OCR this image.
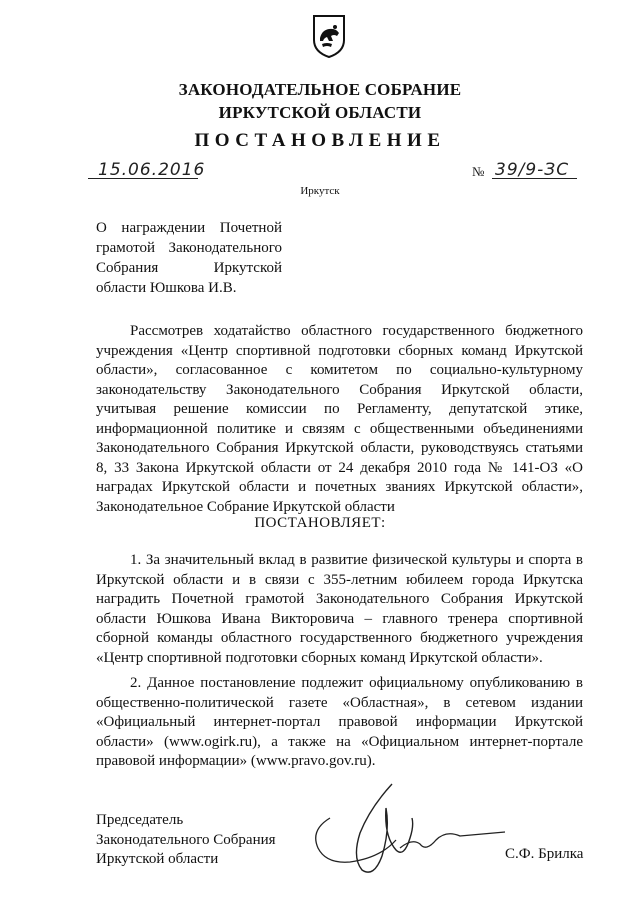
ЗАКОНОДАТЕЛЬНОЕ СОБРАНИЕ
ИРКУТСКОЙ ОБЛАСТИ
ПОСТАНОВЛЕНИЕ
15.06.2016	№ 39/9-ЗС
Иркутск
О награждении Почетной грамотой Законодательного Собрания Иркутской области Юшкова И.В.
Рассмотрев ходатайство областного государственного бюджетного учреждения «Центр спортивной подготовки сборных команд Иркутской области», согласованное с комитетом по социально-культурному законодательству Законодательного Собрания Иркутской области, учитывая решение комиссии по Регламенту, депутатской этике, информационной политике и связям с общественными объединениями Законодательного Собрания Иркутской области, руководствуясь статьями 8, 33 Закона Иркутской области от 24 декабря 2010 года № 141-ОЗ «О наградах Иркутской области и почетных званиях Иркутской области», Законодательное Собрание Иркутской области
ПОСТАНОВЛЯЕТ:
1. За значительный вклад в развитие физической культуры и спорта в Иркутской области и в связи с 355-летним юбилеем города Иркутска наградить Почетной грамотой Законодательного Собрания Иркутской области Юшкова Ивана Викторовича – главного тренера спортивной сборной команды областного государственного бюджетного учреждения «Центр спортивной подготовки сборных команд Иркутской области».
2. Данное постановление подлежит официальному опубликованию в общественно-политической газете «Областная», в сетевом издании «Официальный интернет-портал правовой информации Иркутской области» (www.ogirk.ru), а также на «Официальном интернет-портале правовой информации» (www.pravo.gov.ru).
Председатель
Законодательного Собрания
Иркутской области	С.Ф. Брилка
